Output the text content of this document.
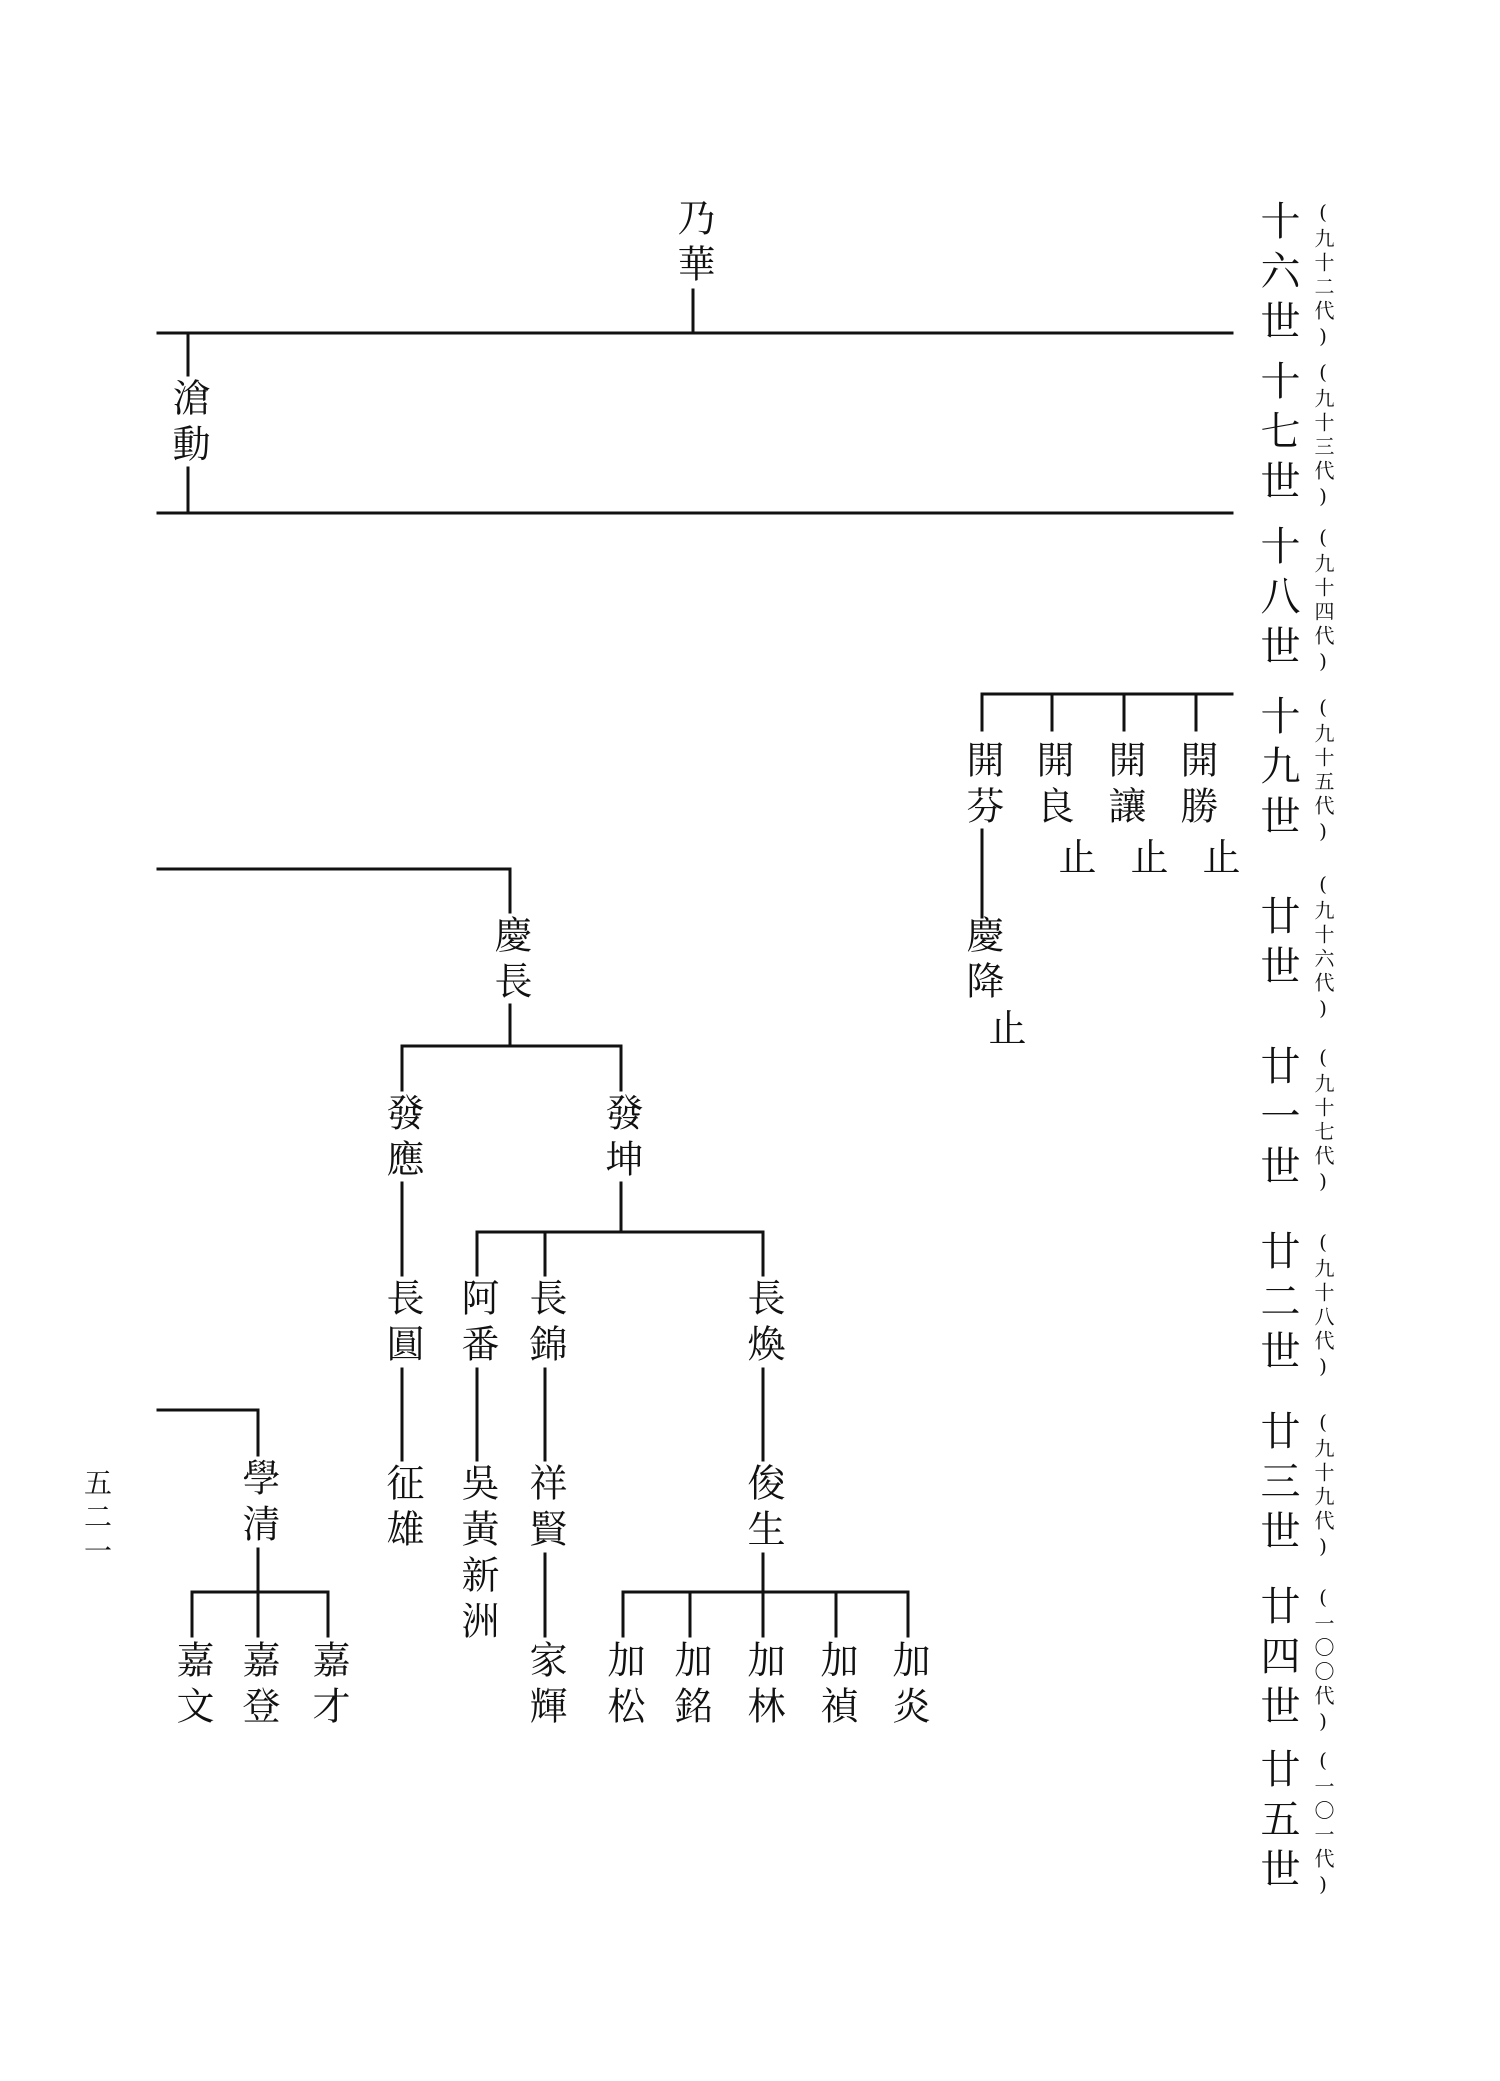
十六世 ( 九十二代 )
十七世 ( 九十三代 )
十八世 ( 九十四代 )
十九世 ( 九十五代 )
廿世 ( 九十六代 )
廿一世 ( 九十七代 )
廿二世 ( 九十八代 )
廿三世 ( 九十九代 )
廿四世 ( 一〇〇代 )
廿五世 ( 一〇一代 )
乃華
滄動
開芬 開良 開讓 開勝
止 止 止
慶降
止
慶長
發應	發坤
長圓 阿番 長錦	長煥
征雄 吳黃新洲 祥賢	俊生
學清
嘉文 嘉登 嘉才	家輝 加松 加銘 加林 加禎 加炎
五二一
